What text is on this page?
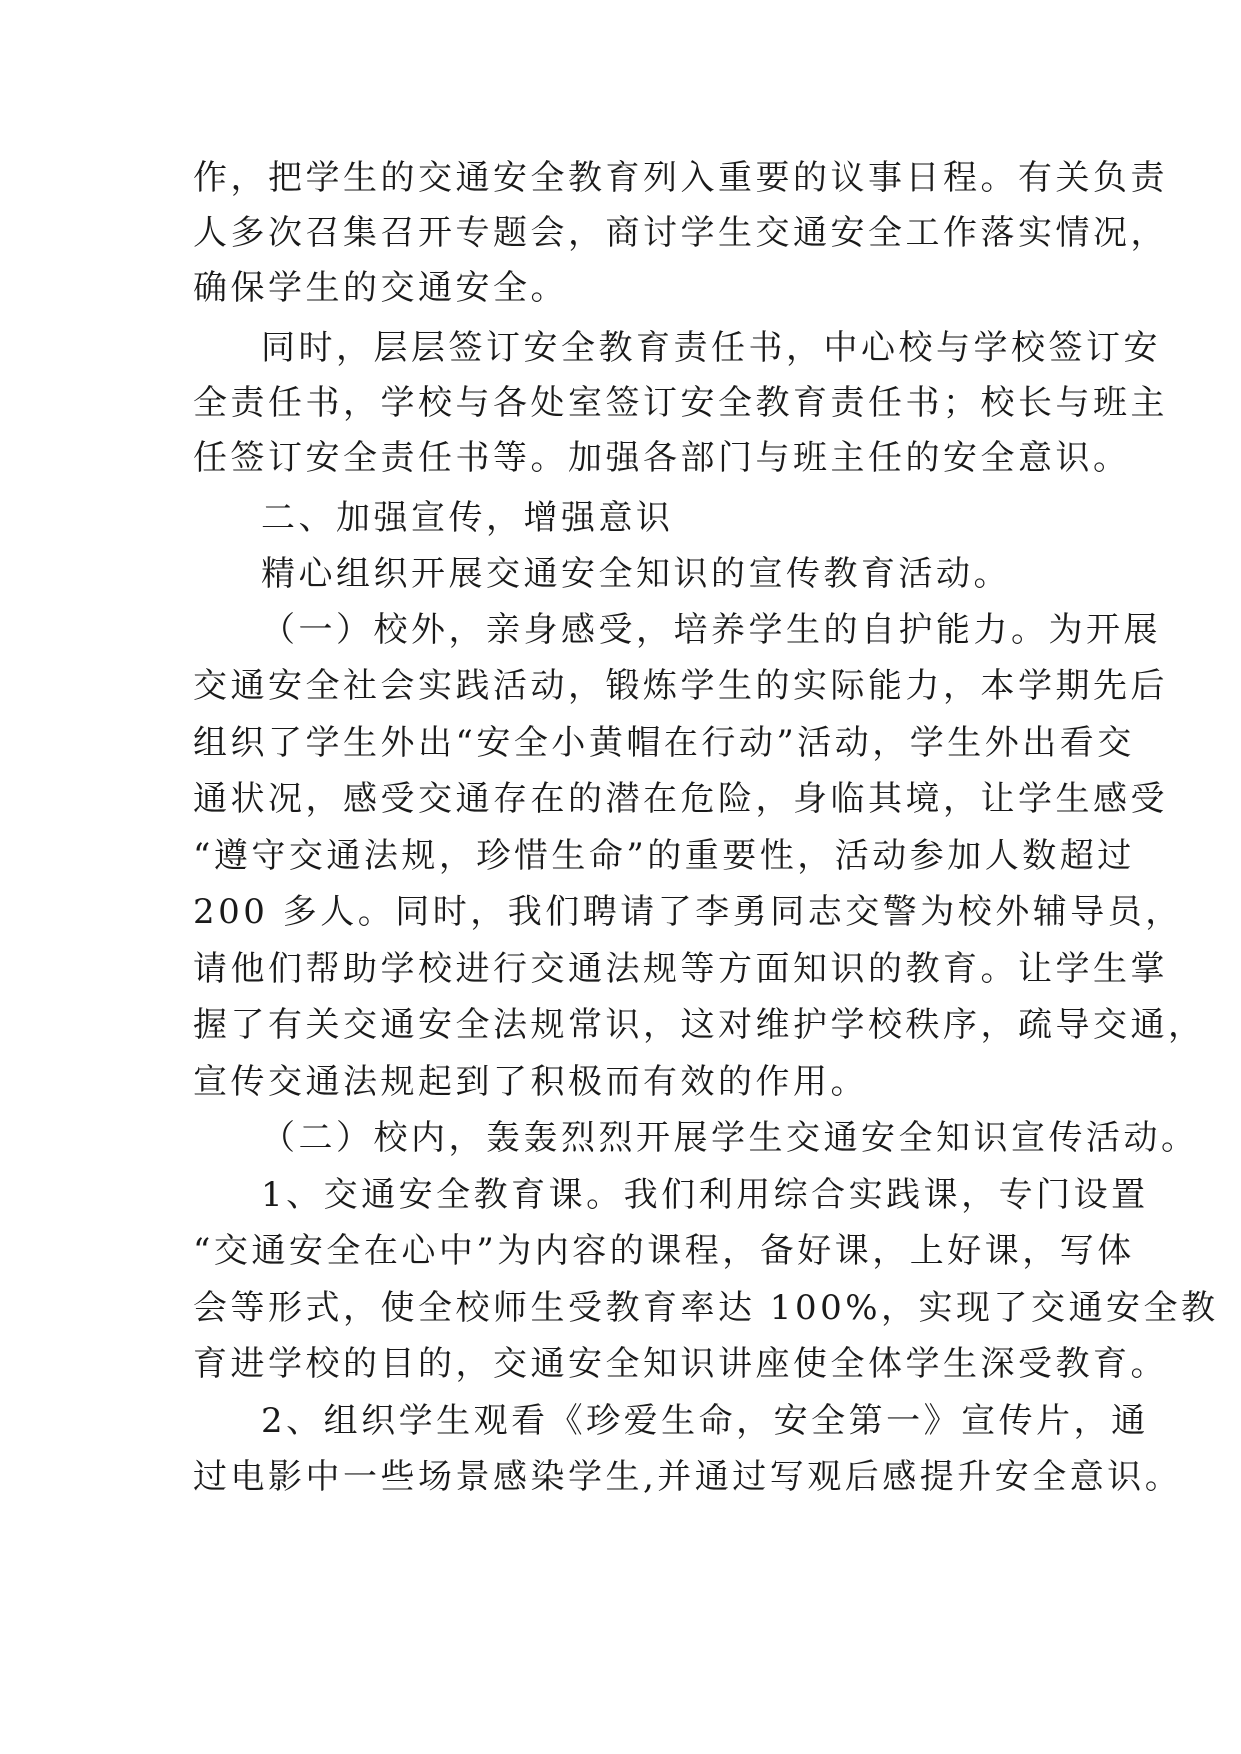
作，把学生的交通安全教育列入重要的议事日程。有关负责
人多次召集召开专题会，商讨学生交通安全工作落实情况，
确保学生的交通安全。
同时，层层签订安全教育责任书，中心校与学校签订安
全责任书，学校与各处室签订安全教育责任书；校长与班主
任签订安全责任书等。加强各部门与班主任的安全意识。
二、加强宣传，增强意识
精心组织开展交通安全知识的宣传教育活动。
（一）校外，亲身感受，培养学生的自护能力。为开展
交通安全社会实践活动，锻炼学生的实际能力，本学期先后
组织了学生外出“安全小黄帽在行动”活动，学生外出看交
通状况，感受交通存在的潜在危险，身临其境，让学生感受
“遵守交通法规，珍惜生命”的重要性，活动参加人数超过
200 多人。同时，我们聘请了李勇同志交警为校外辅导员，
请他们帮助学校进行交通法规等方面知识的教育。让学生掌
握了有关交通安全法规常识，这对维护学校秩序，疏导交通，
宣传交通法规起到了积极而有效的作用。
（二）校内，轰轰烈烈开展学生交通安全知识宣传活动。
1、交通安全教育课。我们利用综合实践课，专门设置
“交通安全在心中”为内容的课程，备好课，上好课，写体
会等形式，使全校师生受教育率达 100%，实现了交通安全教
育进学校的目的，交通安全知识讲座使全体学生深受教育。
2、组织学生观看《珍爱生命，安全第一》宣传片，通
过电影中一些场景感染学生,并通过写观后感提升安全意识。
